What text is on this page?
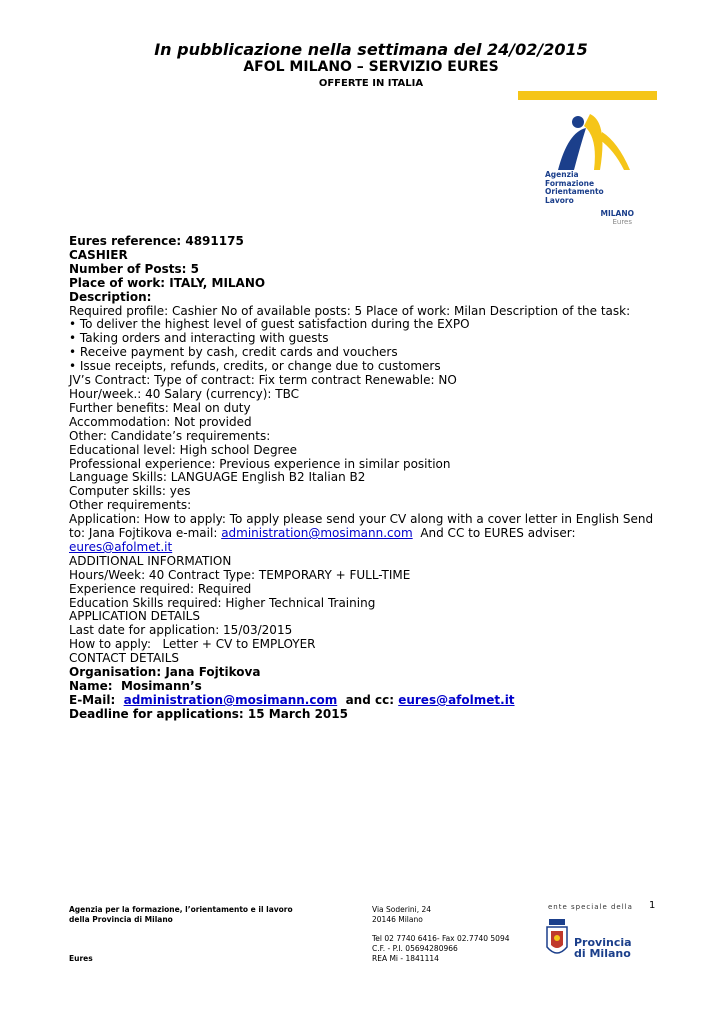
In pubblicazione nella settimana del 24/02/2015
AFOL MILANO – SERVIZIO EURES
OFFERTE IN ITALIA
Agenzia
Formazione
Orientamento
Lavoro
MILANO
Eures
Eures reference: 4891175
CASHIER
Number of Posts: 5
Place of work: ITALY, MILANO
Description:
Required profile: Cashier No of available posts: 5 Place of work: Milan Description of the task:
• To deliver the highest level of guest satisfaction during the EXPO
• Taking orders and interacting with guests
• Receive payment by cash, credit cards and vouchers
• Issue receipts, refunds, credits, or change due to customers
JV’s Contract: Type of contract: Fix term contract Renewable: NO
Hour/week.: 40 Salary (currency): TBC
Further benefits: Meal on duty
Accommodation: Not provided
Other: Candidate’s requirements:
Educational level: High school Degree
Professional experience: Previous experience in similar position
Language Skills: LANGUAGE English B2 Italian B2
Computer skills: yes
Other requirements:
Application: How to apply: To apply please send your CV along with a cover letter in English Send to: Jana Fojtikova e-mail: administration@mosimann.com And CC to EURES adviser: eures@afolmet.it
ADDITIONAL INFORMATION
Hours/Week: 40 Contract Type: TEMPORARY + FULL-TIME
Experience required: Required
Education Skills required: Higher Technical Training
APPLICATION DETAILS
Last date for application: 15/03/2015
How to apply:   Letter + CV to EMPLOYER
CONTACT DETAILS
Organisation: Jana Fojtikova
Name:  Mosimann’s
E-Mail: administration@mosimann.com and cc: eures@afolmet.it
Deadline for applications: 15 March 2015
Agenzia per la formazione, l’orientamento e il lavoro
della Provincia di Milano
Eures
Via Soderini, 24
20146 Milano
Tel 02 7740 6416- Fax 02.7740 5094
C.F. - P.I. 05694280966
REA Mi - 1841114
ente speciale della 1
Provincia
di Milano
